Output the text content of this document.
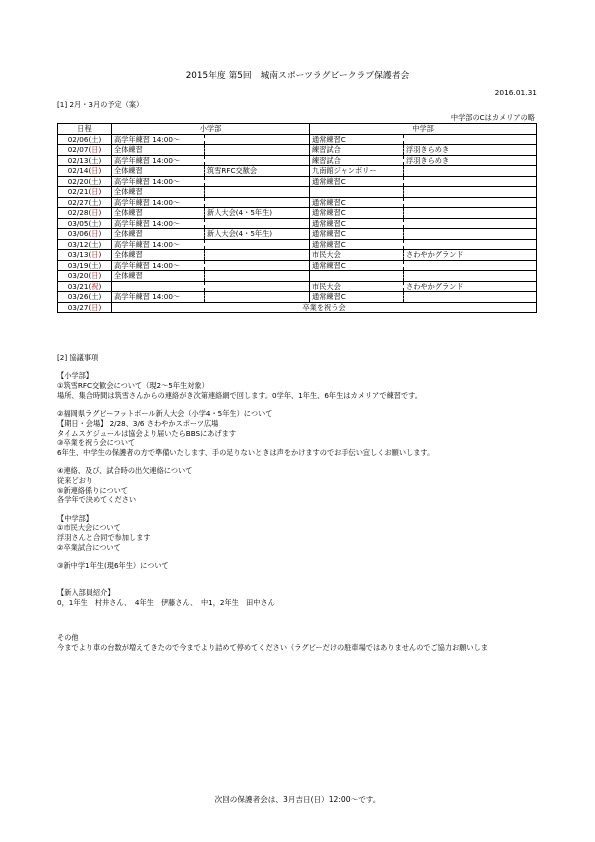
2015年度 第5回　城南スポーツラグビークラブ保護者会
2016.01.31
[1] 2月・3月の予定（案）
中学部のCはカメリアの略
日程	小学部		中学部	
02/06(土)	高学年練習 14:00～		通常練習C	
02/07(日)	全体練習		練習試合	浮羽きらめき
02/13(土)	高学年練習 14:00～		練習試合	浮羽きらめき
02/14(日)	全体練習	筑雪RFC交歓会	九南館ジャンボリー	
02/20(土)	高学年練習 14:00～		通常練習C	
02/21(日)	全体練習			
02/27(土)	高学年練習 14:00～		通常練習C	
02/28(日)	全体練習	新人大会(4・5年生)	通常練習C	
03/05(土)	高学年練習 14:00～		通常練習C	
03/06(日)	全体練習	新人大会(4・5年生)	通常練習C	
03/12(土)	高学年練習 14:00～		通常練習C	
03/13(日)	全体練習		市民大会	さわやかグランド
03/19(土)	高学年練習 14:00～		通常練習C	
03/20(日)	全体練習			
03/21(祝)			市民大会	さわやかグランド
03/26(土)	高学年練習 14:00～		通常練習C	
03/27(日)	卒業を祝う会			

[2] 協議事項

【小学部】

①筑雪RFC交歓会について（現2～5年生対象）

場所、集合時間は筑雪さんからの連絡がき次第連絡網で回します。0学年、1年生、6年生はカメリアで練習です。

②福岡県ラグビーフットボール新人大会（小学4・5年生）について

【期日・会場】 2/28、3/6 さわやかスポーツ広場

タイムスケジュールは協会より届いたらBBSにあげます

③卒業を祝う会について

6年生、中学生の保護者の方で準備いたします、手の足りないときは声をかけますのでお手伝い宜しくお願いします。

④連絡、及び、試合時の出欠連絡について

従来どおり

⑤新連絡係りについて

各学年で決めてください

【中学部】

①市民大会について

浮羽さんと合同で参加します

②卒業試合について

③新中学1年生(現6年生）について

【新入部員紹介】

0，1年生　村井さん、　4年生　伊藤さん、　中1，2年生　田中さん

その他

今までより車の台数が増えてきたので今までより詰めて停めてください（ラグビーだけの駐車場ではありませんのでご協力お願いしま

次回の保護者会は、3月吉日(日）12:00～です。
